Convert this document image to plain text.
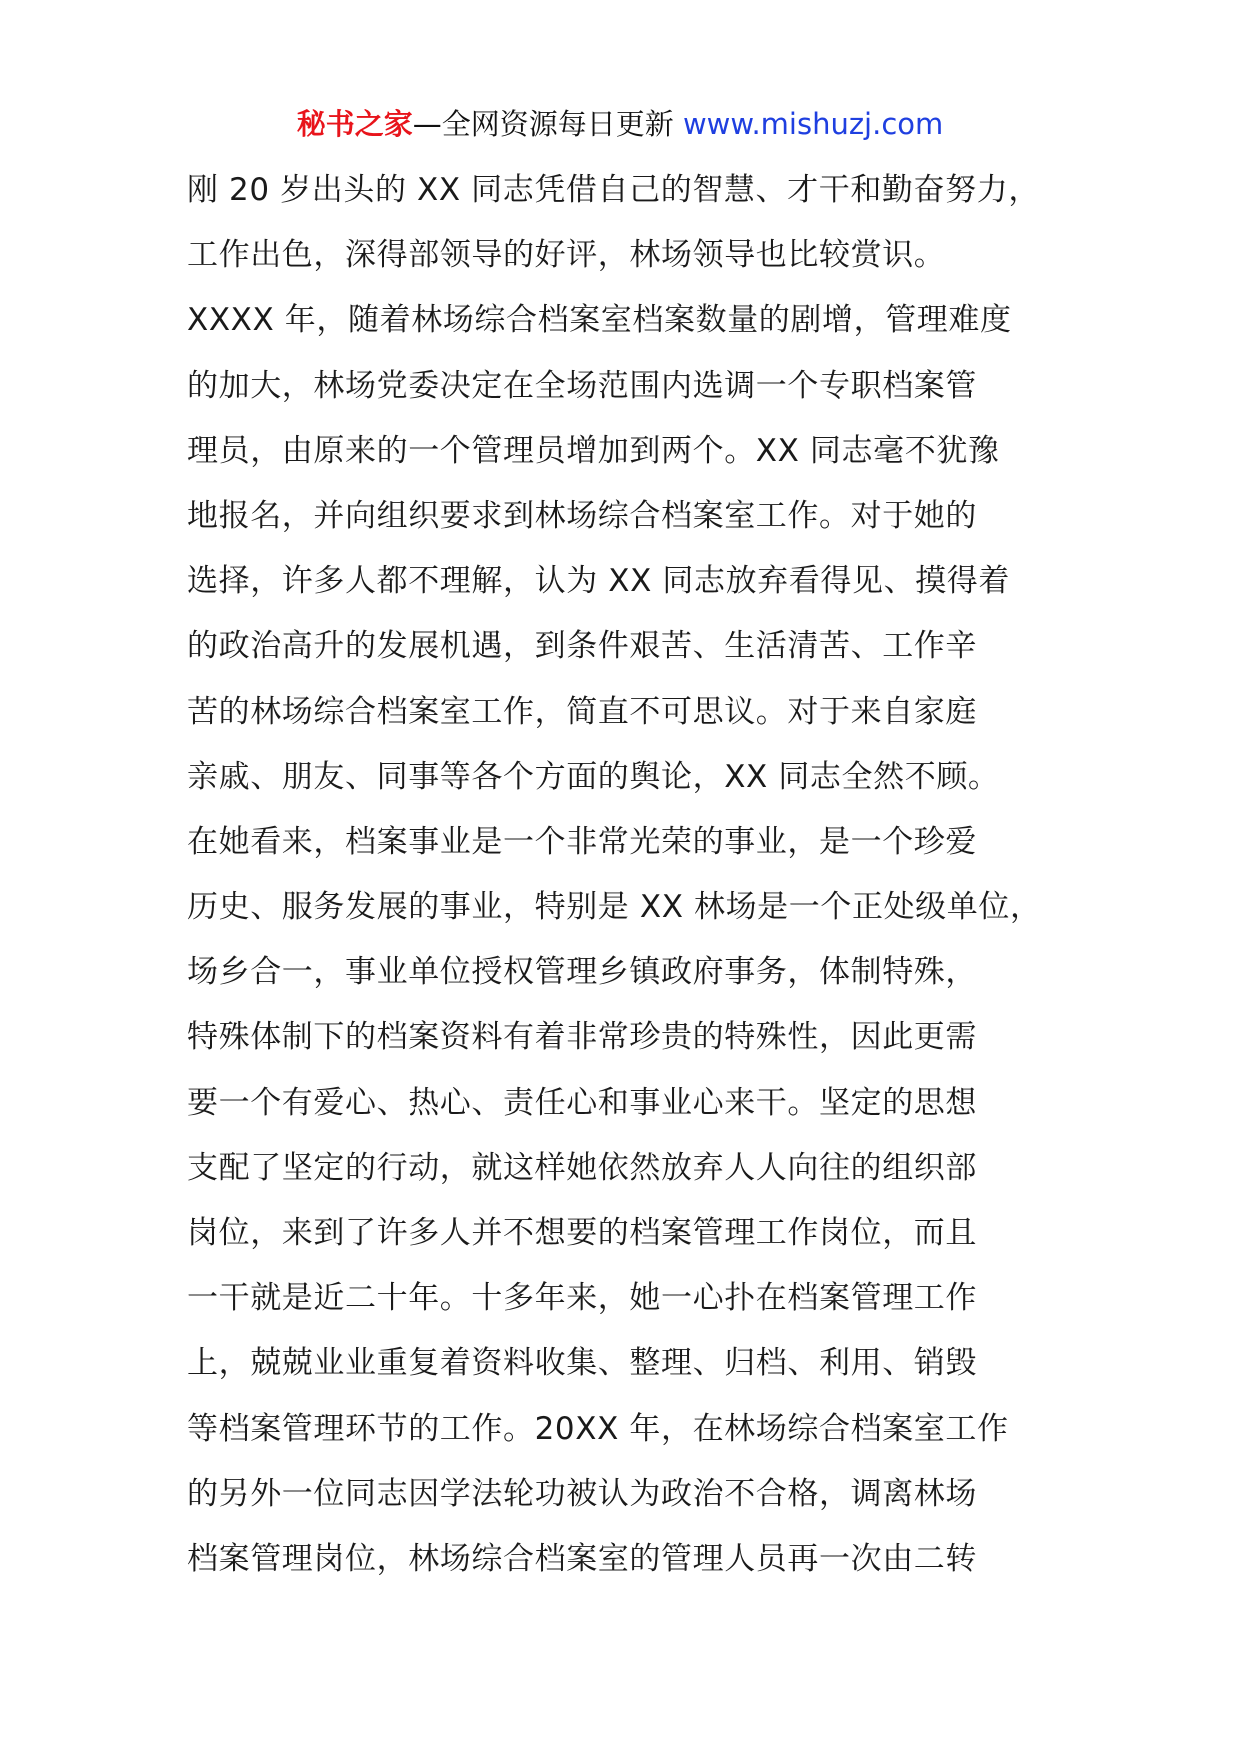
秘书之家—全网资源每日更新 www.mishuzj.com
刚 20 岁出头的 XX 同志凭借自己的智慧、才干和勤奋努力，
工作出色，深得部领导的好评，林场领导也比较赏识。
XXXX 年，随着林场综合档案室档案数量的剧增，管理难度
的加大，林场党委决定在全场范围内选调一个专职档案管
理员，由原来的一个管理员增加到两个。XX 同志毫不犹豫
地报名，并向组织要求到林场综合档案室工作。对于她的
选择，许多人都不理解，认为 XX 同志放弃看得见、摸得着
的政治高升的发展机遇，到条件艰苦、生活清苦、工作辛
苦的林场综合档案室工作，简直不可思议。对于来自家庭
亲戚、朋友、同事等各个方面的舆论，XX 同志全然不顾。
在她看来，档案事业是一个非常光荣的事业，是一个珍爱
历史、服务发展的事业，特别是 XX 林场是一个正处级单位，
场乡合一，事业单位授权管理乡镇政府事务，体制特殊，
特殊体制下的档案资料有着非常珍贵的特殊性，因此更需
要一个有爱心、热心、责任心和事业心来干。坚定的思想
支配了坚定的行动，就这样她依然放弃人人向往的组织部
岗位，来到了许多人并不想要的档案管理工作岗位，而且
一干就是近二十年。十多年来，她一心扑在档案管理工作
上，兢兢业业重复着资料收集、整理、归档、利用、销毁
等档案管理环节的工作。20XX 年，在林场综合档案室工作
的另外一位同志因学法轮功被认为政治不合格，调离林场
档案管理岗位，林场综合档案室的管理人员再一次由二转
